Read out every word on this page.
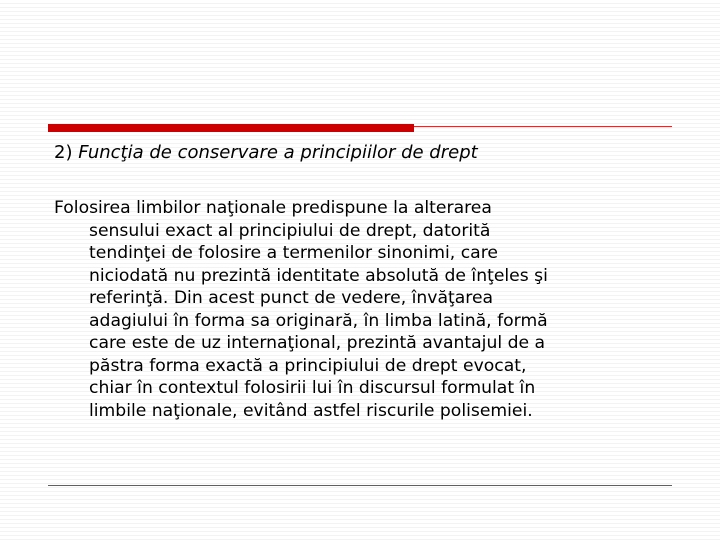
2) Funcţia de conservare a principiilor de drept
Folosirea limbilor naţionale predispune la alterarea
sensului exact al principiului de drept, datorită
tendinţei de folosire a termenilor sinonimi, care
niciodată nu prezintă identitate absolută de înţeles şi
referinţă. Din acest punct de vedere, învăţarea
adagiului în forma sa originară, în limba latină, formă
care este de uz internaţional, prezintă avantajul de a
păstra forma exactă a principiului de drept evocat,
chiar în contextul folosirii lui în discursul formulat în
limbile naţionale, evitând astfel riscurile polisemiei.
